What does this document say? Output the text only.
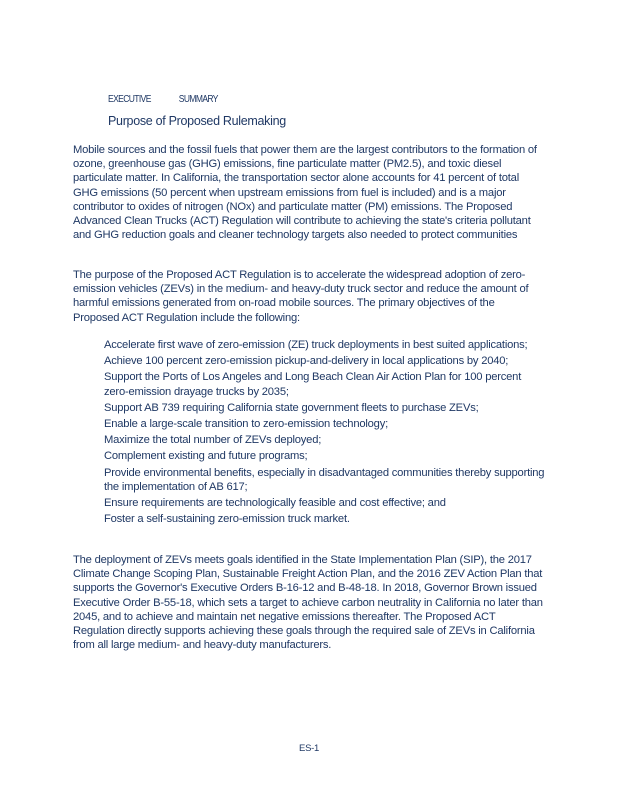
EXECUTIVE	SUMMARY
Purpose of Proposed Rulemaking

Mobile sources and the fossil fuels that power them are the largest contributors to the formation of ozone, greenhouse gas (GHG) emissions, fine particulate matter (PM2.5), and toxic diesel particulate matter. In California, the transportation sector alone accounts for 41 percent of total GHG emissions (50 percent when upstream emissions from fuel is included) and is a major contributor to oxides of nitrogen (NOx) and particulate matter (PM) emissions. The Proposed Advanced Clean Trucks (ACT) Regulation will contribute to achieving the state's criteria pollutant and GHG reduction goals and cleaner technology targets also needed to protect communities

The purpose of the Proposed ACT Regulation is to accelerate the widespread adoption of zero-emission vehicles (ZEVs) in the medium- and heavy-duty truck sector and reduce the amount of harmful emissions generated from on-road mobile sources. The primary objectives of the Proposed ACT Regulation include the following:

Accelerate first wave of zero-emission (ZE) truck deployments in best suited applications;
Achieve 100 percent zero-emission pickup-and-delivery in local applications by 2040;
Support the Ports of Los Angeles and Long Beach Clean Air Action Plan for 100 percent zero-emission drayage trucks by 2035;
Support AB 739 requiring California state government fleets to purchase ZEVs;
Enable a large-scale transition to zero-emission technology;
Maximize the total number of ZEVs deployed;
Complement existing and future programs;
Provide environmental benefits, especially in disadvantaged communities thereby supporting the implementation of AB 617;
Ensure requirements are technologically feasible and cost effective; and
Foster a self-sustaining zero-emission truck market.

The deployment of ZEVs meets goals identified in the State Implementation Plan (SIP), the 2017 Climate Change Scoping Plan, Sustainable Freight Action Plan, and the 2016 ZEV Action Plan that supports the Governor's Executive Orders B-16-12 and B-48-18. In 2018, Governor Brown issued Executive Order B-55-18, which sets a target to achieve carbon neutrality in California no later than 2045, and to achieve and maintain net negative emissions thereafter. The Proposed ACT Regulation directly supports achieving these goals through the required sale of ZEVs in California from all large medium- and heavy-duty manufacturers.

ES-1
